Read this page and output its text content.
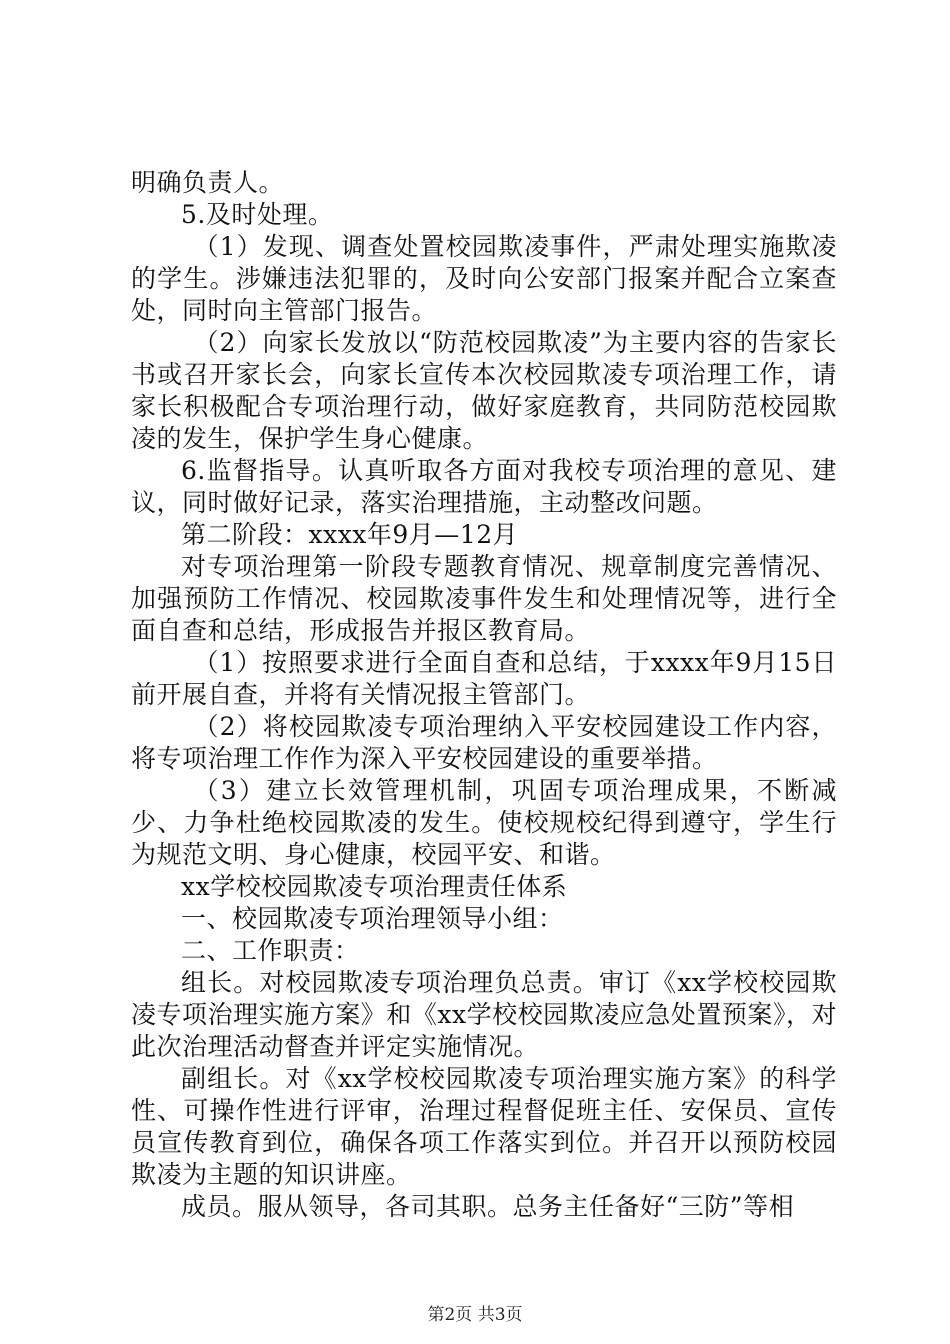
明确负责人。

5.及时处理。

（1）发现、调查处置校园欺凌事件，严肃处理实施欺凌的学生。涉嫌违法犯罪的，及时向公安部门报案并配合立案查处，同时向主管部门报告。

（2）向家长发放以“防范校园欺凌”为主要内容的告家长书或召开家长会，向家长宣传本次校园欺凌专项治理工作，请家长积极配合专项治理行动，做好家庭教育，共同防范校园欺凌的发生，保护学生身心健康。

6.监督指导。认真听取各方面对我校专项治理的意见、建议，同时做好记录，落实治理措施，主动整改问题。

第二阶段：xxxx年9月—12月

对专项治理第一阶段专题教育情况、规章制度完善情况、加强预防工作情况、校园欺凌事件发生和处理情况等，进行全面自查和总结，形成报告并报区教育局。

（1）按照要求进行全面自查和总结，于xxxx年9月15日前开展自查，并将有关情况报主管部门。

（2）将校园欺凌专项治理纳入平安校园建设工作内容，将专项治理工作作为深入平安校园建设的重要举措。

（3）建立长效管理机制，巩固专项治理成果，不断减少、力争杜绝校园欺凌的发生。使校规校纪得到遵守，学生行为规范文明、身心健康，校园平安、和谐。

xx学校校园欺凌专项治理责任体系

一、校园欺凌专项治理领导小组：

二、工作职责：

组长。对校园欺凌专项治理负总责。审订《xx学校校园欺凌专项治理实施方案》和《xx学校校园欺凌应急处置预案》，对此次治理活动督查并评定实施情况。

副组长。对《xx学校校园欺凌专项治理实施方案》的科学性、可操作性进行评审，治理过程督促班主任、安保员、宣传员宣传教育到位，确保各项工作落实到位。并召开以预防校园欺凌为主题的知识讲座。

成员。服从领导，各司其职。总务主任备好“三防”等相

第2页 共3页
